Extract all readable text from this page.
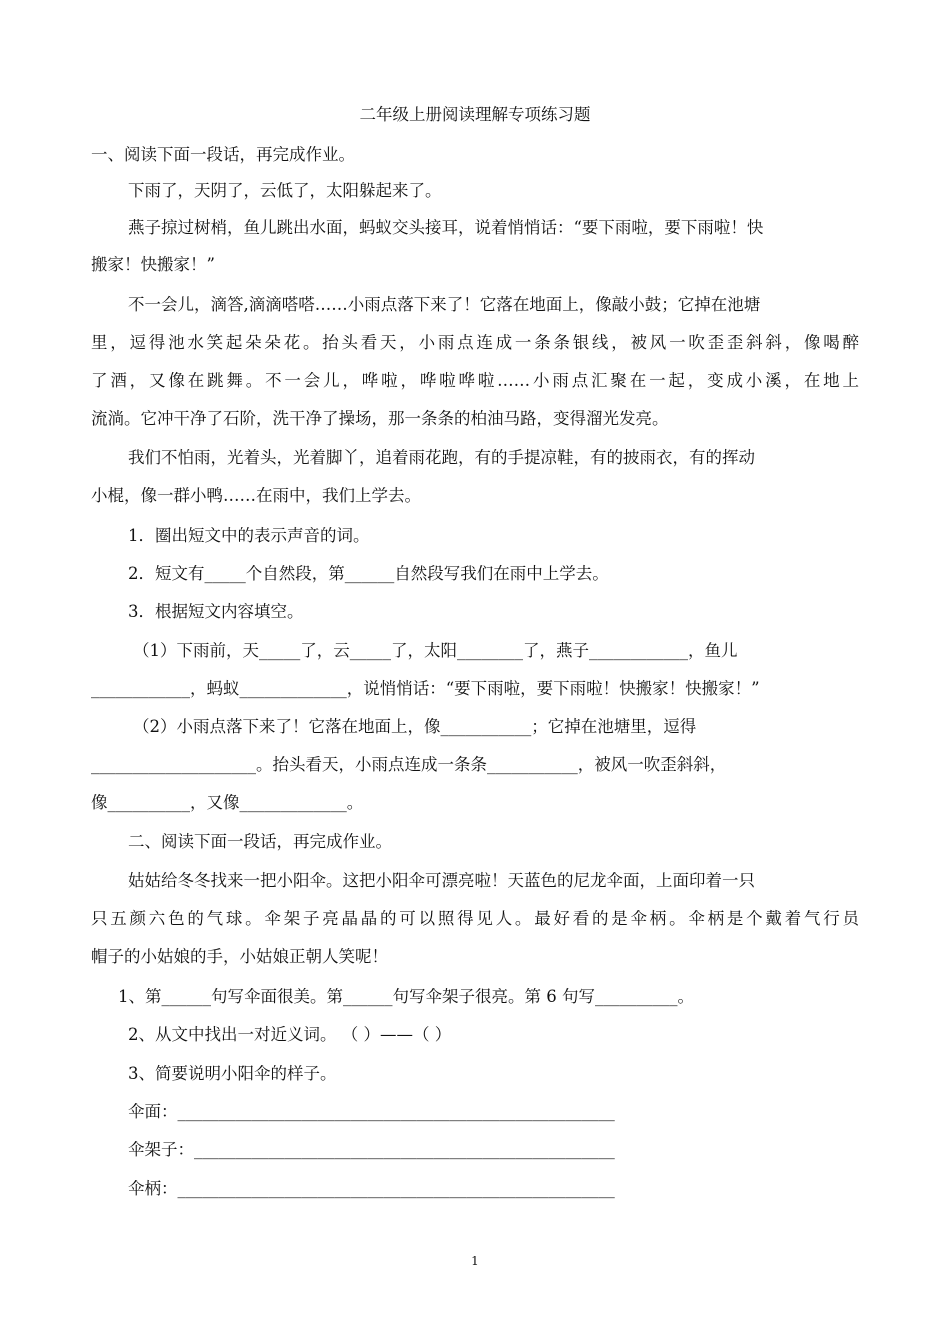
二年级上册阅读理解专项练习题
一、阅读下面一段话，再完成作业。
下雨了，天阴了，云低了，太阳躲起来了。
燕子掠过树梢，鱼儿跳出水面，蚂蚁交头接耳，说着悄悄话：“要下雨啦，要下雨啦！快
搬家！快搬家！”
不一会儿，滴答,滴滴嗒嗒……小雨点落下来了！它落在地面上，像敲小鼓；它掉在池塘
里，逗得池水笑起朵朵花。抬头看天，小雨点连成一条条银线，被风一吹歪歪斜斜，像喝醉
了酒，又像在跳舞。不一会儿，哗啦，哗啦哗啦……小雨点汇聚在一起，变成小溪，在地上
流淌。它冲干净了石阶，洗干净了操场，那一条条的柏油马路，变得溜光发亮。
我们不怕雨，光着头，光着脚丫，追着雨花跑，有的手提凉鞋，有的披雨衣，有的挥动
小棍，像一群小鸭……在雨中，我们上学去。
1．圈出短文中的表示声音的词。
2．短文有_____个自然段，第______自然段写我们在雨中上学去。
3．根据短文内容填空。
（1）下雨前，天_____了，云_____了，太阳________了，燕子____________，鱼儿
____________，蚂蚁_____________，说悄悄话：“要下雨啦，要下雨啦！快搬家！快搬家！”
（2）小雨点落下来了！它落在地面上，像___________；它掉在池塘里，逗得
____________________。抬头看天，小雨点连成一条条___________，被风一吹歪斜斜，
像__________，又像_____________。
二、阅读下面一段话，再完成作业。
姑姑给冬冬找来一把小阳伞。这把小阳伞可漂亮啦！天蓝色的尼龙伞面，上面印着一只
只五颜六色的气球。伞架子亮晶晶的可以照得见人。最好看的是伞柄。伞柄是个戴着气行员
帽子的小姑娘的手，小姑娘正朝人笑呢！
1、第______句写伞面很美。第______句写伞架子很亮。第 6 句写__________。
2、从文中找出一对近义词。 （ ）——（ ）
3、简要说明小阳伞的样子。
伞面：_____________________________________________________
伞架子：___________________________________________________
伞柄：_____________________________________________________
1
